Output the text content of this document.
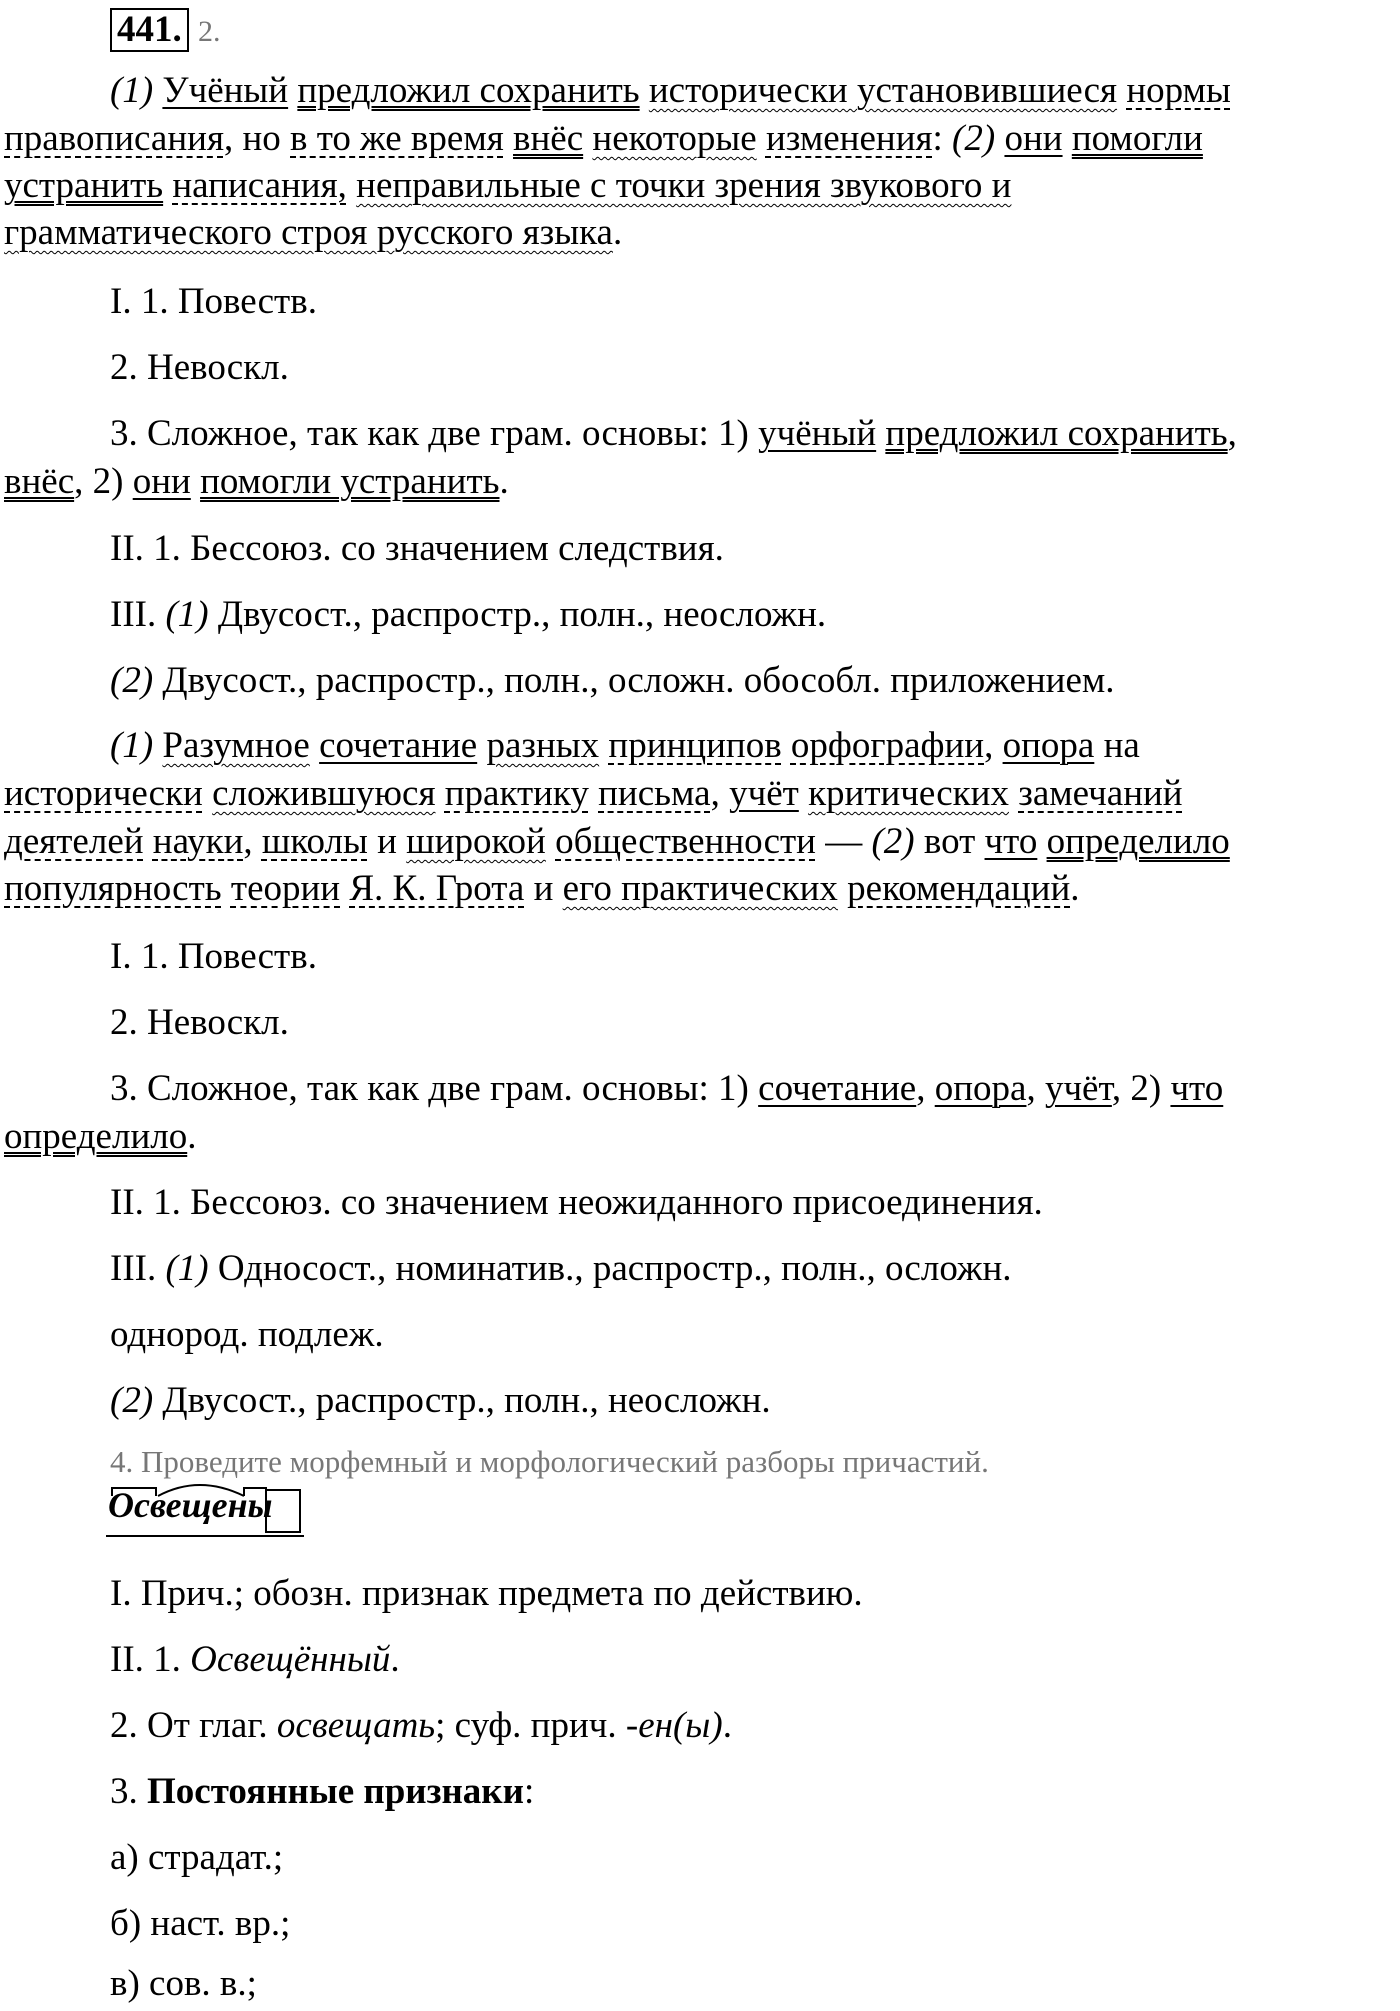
441. 2.
(1) Учёный предложил сохранить исторически установившиеся нормы
правописания, но в то же время внёс некоторые изменения: (2) они помогли
устранить написания, неправильные с точки зрения звукового и
грамматического строя русского языка.
I. 1. Повеств.
2. Невоскл.
3. Сложное, так как две грам. основы: 1) учёный предложил сохранить,
внёс, 2) они помогли устранить.
II. 1. Бессоюз. со значением следствия.
III. (1) Двусост., распростр., полн., неосложн.
(2) Двусост., распростр., полн., осложн. обособл. приложением.
(1) Разумное сочетание разных принципов орфографии, опора на
исторически сложившуюся практику письма, учёт критических замечаний
деятелей науки, школы и широкой общественности — (2) вот что определило
популярность теории Я. К. Грота и его практических рекомендаций.
I. 1. Повеств.
2. Невоскл.
3. Сложное, так как две грам. основы: 1) сочетание, опора, учёт, 2) что
определило.
II. 1. Бессоюз. со значением неожиданного присоединения.
III. (1) Односост., номинатив., распростр., полн., осложн.
однород. подлеж.
(2) Двусост., распростр., полн., неосложн.
4. Проведите морфемный и морфологический разборы причастий.
Освещены
I. Прич.; обозн. признак предмета по действию.
II. 1. Освещённый.
2. От глаг. освещать; суф. прич. -ен(ы).
3. Постоянные признаки:
а) страдат.;
б) наст. вр.;
в) сов. в.;
